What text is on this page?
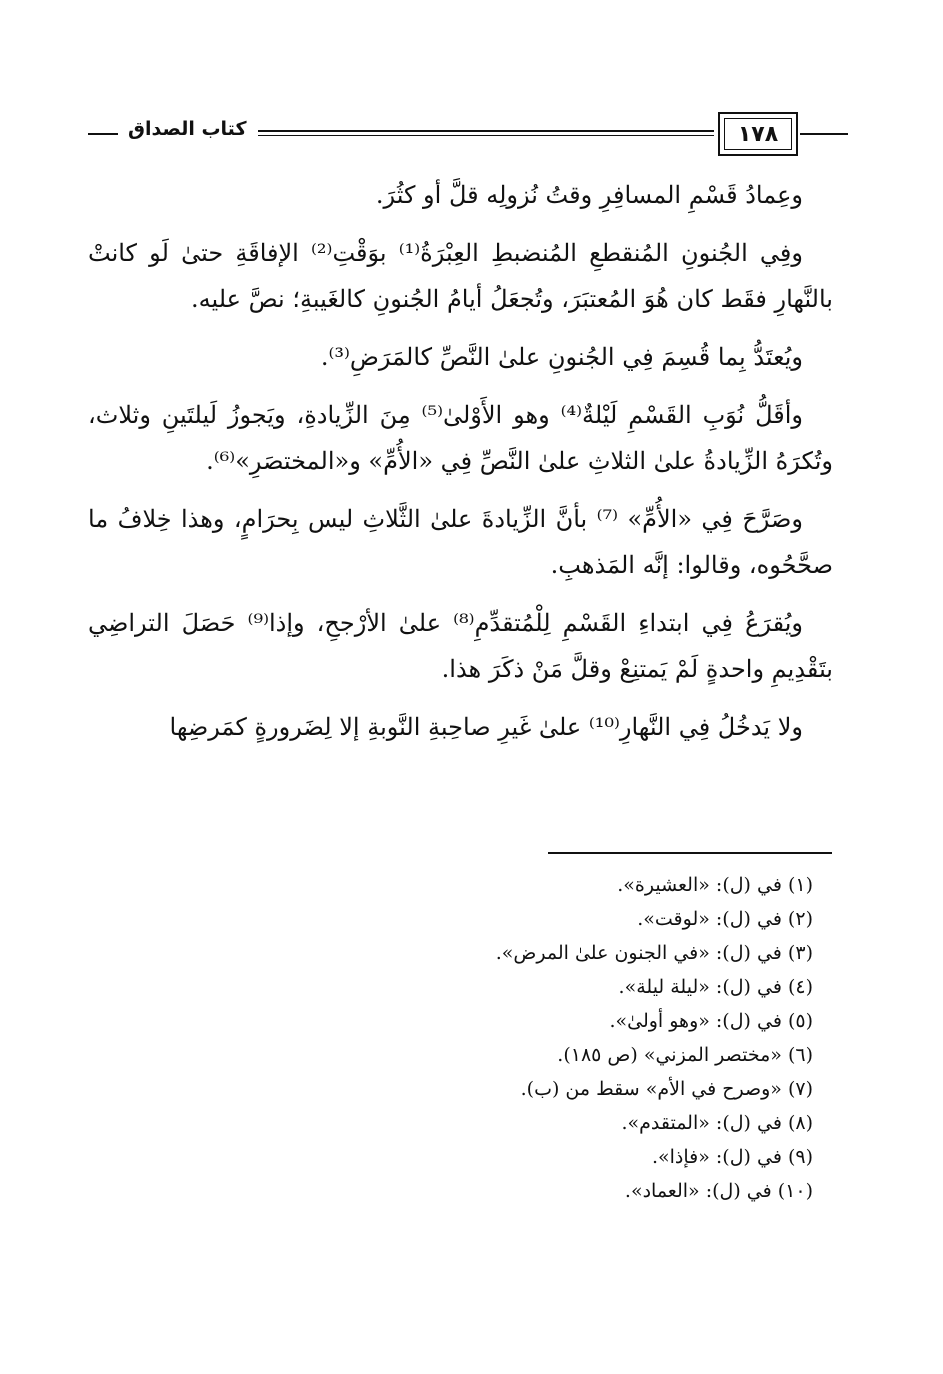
١٧٨
كتاب الصداق

وعِمادُ قَسْمِ المسافِرِ وقتُ نُزولِه قلَّ أو كثُرَ.

وفِي الجُنونِ المُنقطعِ المُنضبطِ العِبْرَةُ⁽¹⁾ بوَقْتِ⁽²⁾ الإفاقَةِ حتىٰ لَو كانتْ بالنَّهارِ فقَط كان هُوَ المُعتبَرَ، وتُجعَلُ أيامُ الجُنونِ كالغَيبةِ؛ نصَّ عليه.

ويُعتَدُّ بِما قُسِمَ فِي الجُنونِ علىٰ النَّصِّ كالمَرَضِ⁽³⁾.

وأقَلُّ نُوَبِ القَسْمِ لَيْلةٌ⁽⁴⁾ وهو الأَوْلىٰ⁽⁵⁾ مِنَ الزِّيادةِ، ويَجوزُ لَيلتَينِ وثلاث، وتُكرَهُ الزِّيادةُ علىٰ الثلاثِ علىٰ النَّصِّ فِي «الأُمِّ» و«المختصَرِ»⁽⁶⁾.

وصَرَّحَ فِي «الأُمِّ» ⁽⁷⁾ بأنَّ الزِّيادةَ علىٰ الثَّلاثِ ليس بِحرَامٍ، وهذا خِلافُ ما صحَّحُوه، وقالوا: إنَّه المَذهبِ.

ويُقرَعُ فِي ابتداءِ القَسْمِ لِلْمُتقدِّمِ⁽⁸⁾ علىٰ الأرْجحِ، وإذا⁽⁹⁾ حَصَلَ التراضِي بتَقْدِيمِ واحدةٍ لَمْ يَمتنِعْ وقلَّ مَنْ ذكَرَ هذا.

ولا يَدخُلُ فِي النَّهارِ⁽¹⁰⁾ علىٰ غَيرِ صاحِبةِ النَّوبةِ إلا لِضَرورةٍ كمَرضِها

(١) في (ل): «العشيرة».
(٢) في (ل): «لوقت».
(٣) في (ل): «في الجنون علىٰ المرض».
(٤) في (ل): «ليلة ليلة».
(٥) في (ل): «وهو أولىٰ».
(٦) «مختصر المزني» (ص ١٨٥).
(٧) «وصرح في الأم» سقط من (ب).
(٨) في (ل): «المتقدم».
(٩) في (ل): «فإذا».
(١٠) في (ل): «العماد».
